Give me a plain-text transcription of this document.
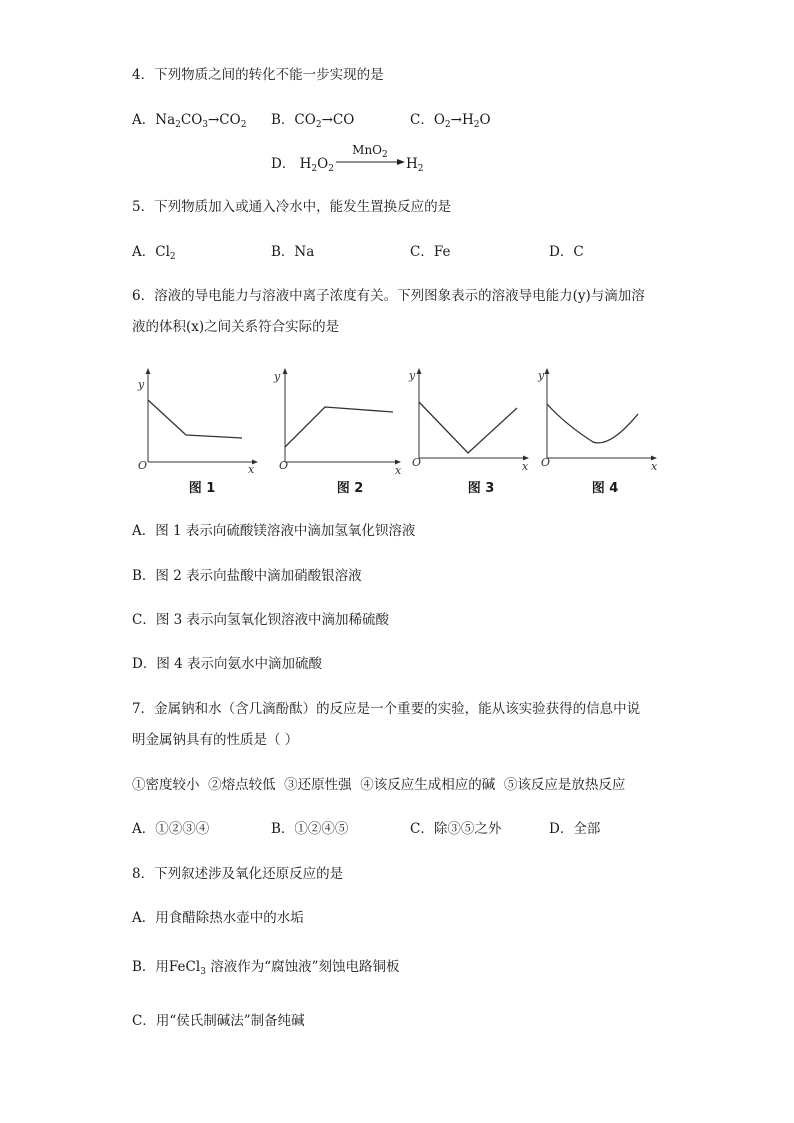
4．下列物质之间的转化不能一步实现的是
A．$Na_2CO_3\to CO_2$ B．$CO_2\to CO$	C．$O_2\to H_2O$
D． $H_2O_2$
MnO$_2$
$H_2$
5．下列物质加入或通入冷水中，能发生置换反应的是
A．$Cl_2$	B．Na	C．Fe	D．C
6．溶液的导电能力与溶液中离子浓度有关。下列图象表示的溶液导电能力(y)与滴加溶
液的体积(x)之间关系符合实际的是
y
O	x
y
O	x
y
O	x
y
O	x
图 1	图 2	图 3	图 4
A．图 1 表示向硫酸镁溶液中滴加氢氧化钡溶液
B．图 2 表示向盐酸中滴加硝酸银溶液
C．图 3 表示向氢氧化钡溶液中滴加稀硫酸
D．图 4 表示向氨水中滴加硫酸
7．金属钠和水（含几滴酚酞）的反应是一个重要的实验，能从该实验获得的信息中说
明金属钠具有的性质是（ ）
①密度较小  ②熔点较低  ③还原性强  ④该反应生成相应的碱  ⑤该反应是放热反应
A．①②③④	B．①②④⑤	C．除③⑤之外	D．全部
8．下列叙述涉及氧化还原反应的是
A．用食醋除热水壶中的水垢
B．用FeCl$_3$ 溶液作为“腐蚀液”刻蚀电路铜板
C．用“侯氏制碱法”制备纯碱
